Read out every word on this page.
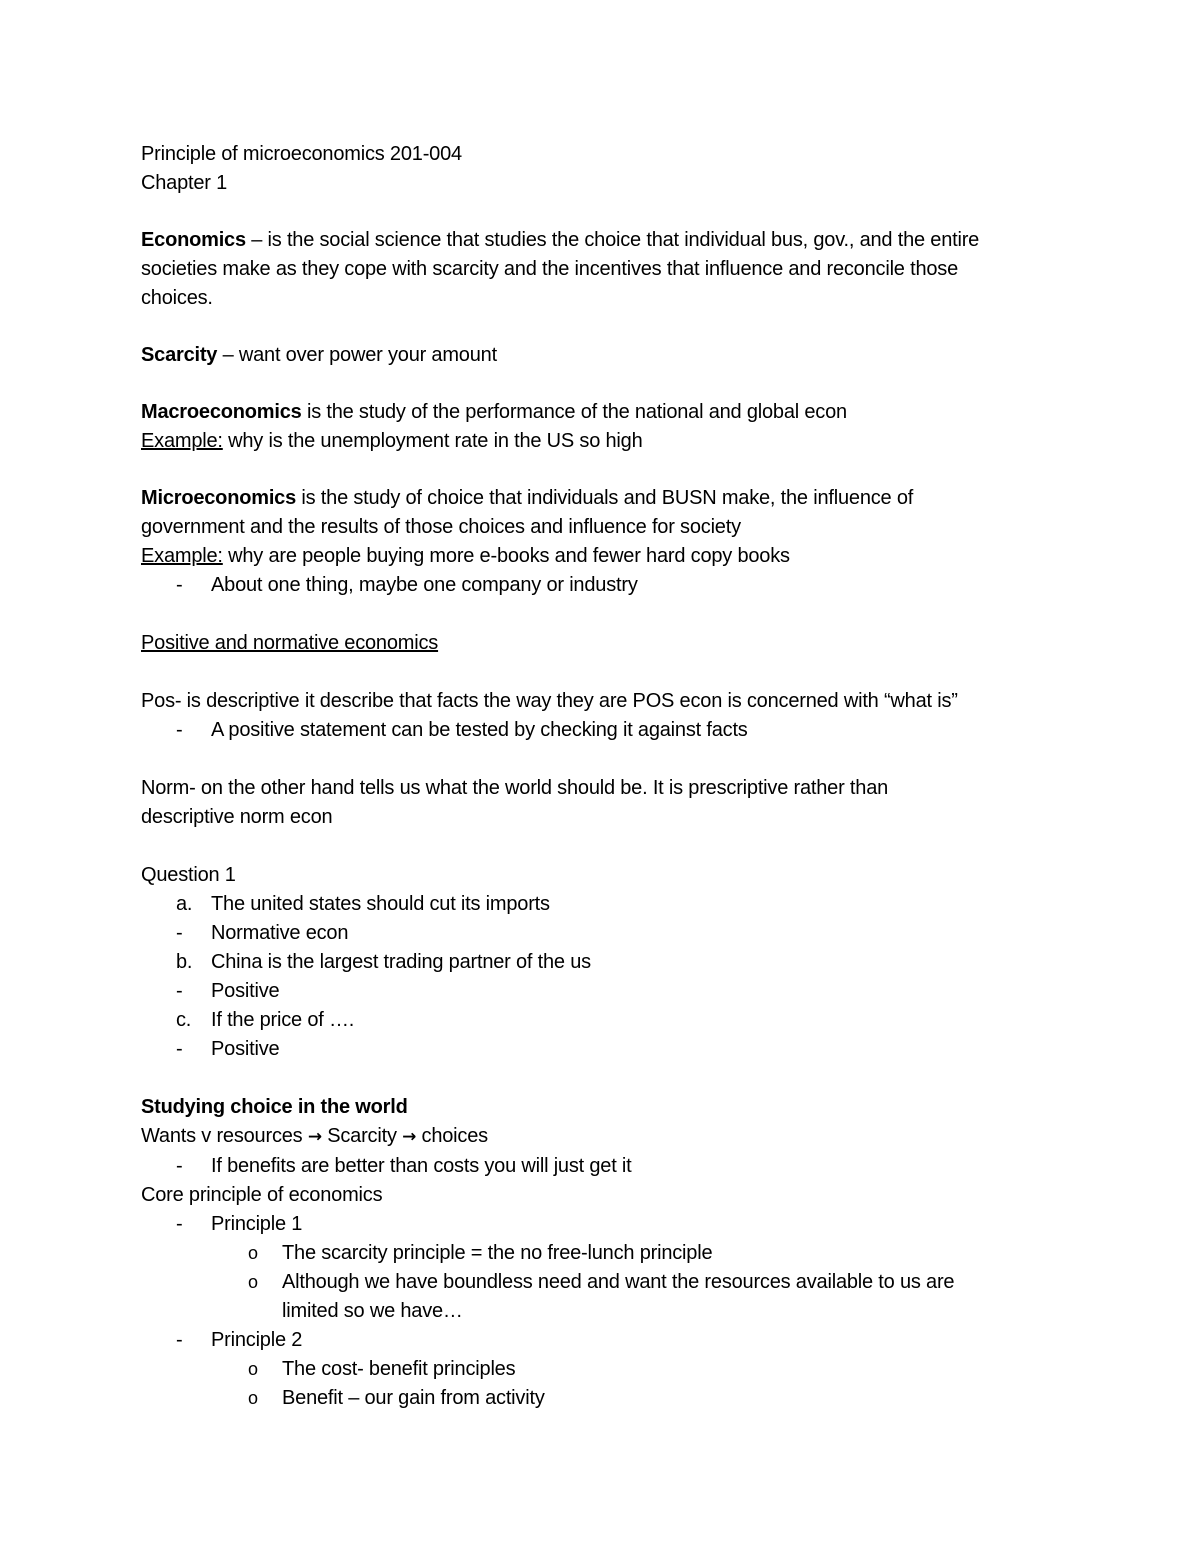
Principle of microeconomics 201-004

Chapter 1

Economics – is the social science that studies the choice that individual bus, gov., and the entire

societies make as they cope with scarcity and the incentives that influence and reconcile those

choices.

Scarcity – want over power your amount

Macroeconomics is the study of the performance of the national and global econ

Example: why is the unemployment rate in the US so high

Microeconomics is the study of choice that individuals and BUSN make, the influence of

government and the results of those choices and influence for society

Example: why are people buying more e-books and fewer hard copy books

- About one thing, maybe one company or industry

Positive and normative economics

Pos- is descriptive it describe that facts the way they are POS econ is concerned with “what is”

- A positive statement can be tested by checking it against facts

Norm- on the other hand tells us what the world should be. It is prescriptive rather than

descriptive norm econ

Question 1

a. The united states should cut its imports

- Normative econ

b. China is the largest trading partner of the us

- Positive

c. If the price of ….

- Positive

Studying choice in the world

Wants v resources → Scarcity → choices

- If benefits are better than costs you will just get it

Core principle of economics

- Principle 1

o The scarcity principle = the no free-lunch principle

o Although we have boundless need and want the resources available to us are

limited so we have…

- Principle 2

o The cost- benefit principles

o Benefit – our gain from activity
